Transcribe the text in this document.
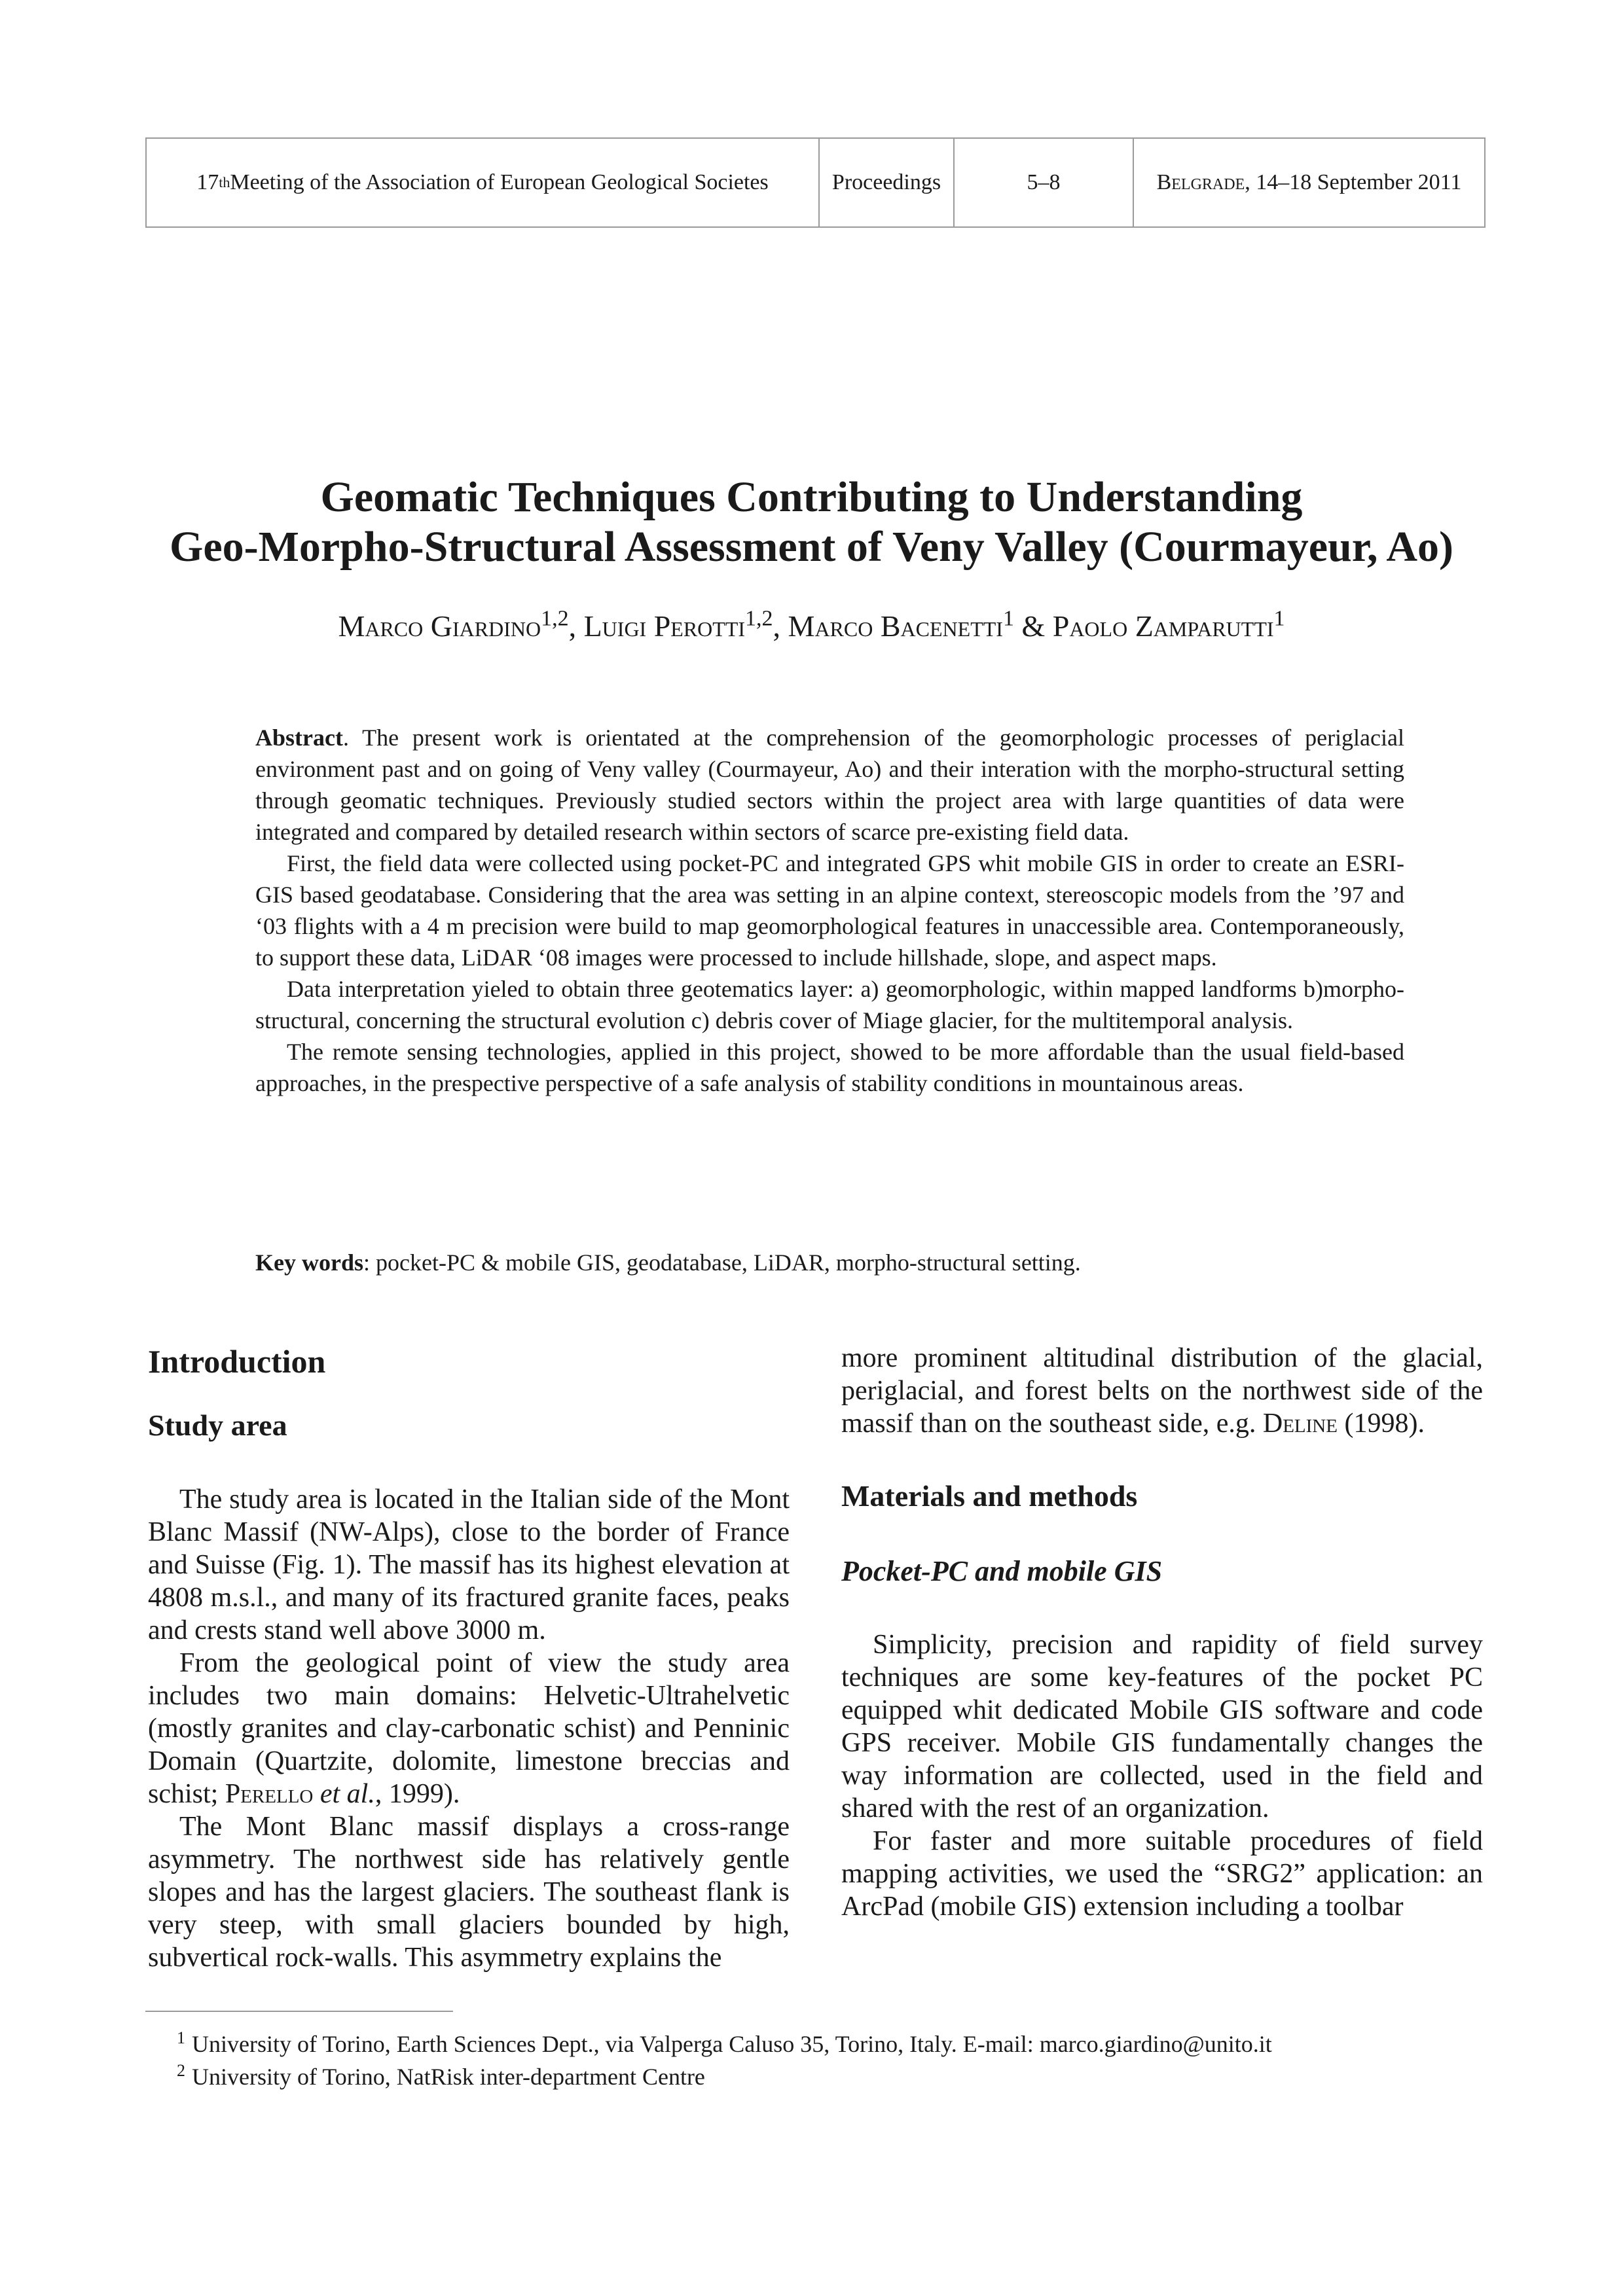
17 th Meeting of the Association of European Geological Societes	Proceedings	5–8	Belgrade , 14–18 September 2011
Geomatic Techniques Contributing to Understanding
Geo-Morpho-Structural Assessment of Veny Valley (Courmayeur, Ao)
Marco Giardino$^{1,2}$, Luigi Perotti$^{1,2}$, Marco Bacenetti$^1$ & Paolo Zamparutti$^1$

Abstract. The present work is orientated at the comprehension of the geomorphologic processes of periglacial environment past and on going of Veny valley (Courmayeur, Ao) and their interation with the morpho-structural setting through geomatic techniques. Previously studied sectors within the project area with large quantities of data were integrated and compared by detailed research within sectors of scarce pre-existing field data.

First, the field data were collected using pocket-PC and integrated GPS whit mobile GIS in order to create an ESRI-GIS based geodatabase. Considering that the area was setting in an alpine context, stereoscopic models from the ’97 and ‘03 flights with a 4 m precision were build to map geomorphological features in unaccessible area. Contemporaneously, to support these data, LiDAR ‘08 images were processed to include hillshade, slope, and aspect maps.

Data interpretation yieled to obtain three geotematics layer: a) geomorphologic, within mapped landforms b)morpho-structural, concerning the structural evolution c) debris cover of Miage glacier, for the multitemporal analysis.

The remote sensing technologies, applied in this project, showed to be more affordable than the usual field-based approaches, in the prespective perspective of a safe analysis of stability conditions in mountainous areas.

Key words: pocket-PC & mobile GIS, geodatabase, LiDAR, morpho-structural setting.
Introduction
Study area

The study area is located in the Italian side of the Mont Blanc Massif (NW-Alps), close to the border of France and Suisse (Fig. 1). The massif has its highest elevation at 4808 m.s.l., and many of its fractured granite faces, peaks and crests stand well above 3000 m.

From the geological point of view the study area includes two main domains: Helvetic-Ultrahelvetic (mostly granites and clay-carbonatic schist) and Penninic Domain (Quartzite, dolomite, limestone breccias and schist; Perello et al., 1999).

The Mont Blanc massif displays a cross-range asymmetry. The northwest side has relatively gentle slopes and has the largest glaciers. The southeast flank is very steep, with small glaciers bounded by high, subvertical rock-walls. This asymmetry explains the

more prominent altitudinal distribution of the glacial, periglacial, and forest belts on the northwest side of the massif than on the southeast side, e.g. Deline (1998).

Materials and methods
Pocket-PC and mobile GIS

Simplicity, precision and rapidity of field survey techniques are some key-features of the pocket PC equipped whit dedicated Mobile GIS software and code GPS receiver. Mobile GIS fundamentally changes the way information are collected, used in the field and shared with the rest of an organization.

For faster and more suitable procedures of field mapping activities, we used the “SRG2” application: an ArcPad (mobile GIS) extension including a toolbar

$^1$ University of Torino, Earth Sciences Dept., via Valperga Caluso 35, Torino, Italy. E-mail: marco.giardino@unito.it
$^2$ University of Torino, NatRisk inter-department Centre
